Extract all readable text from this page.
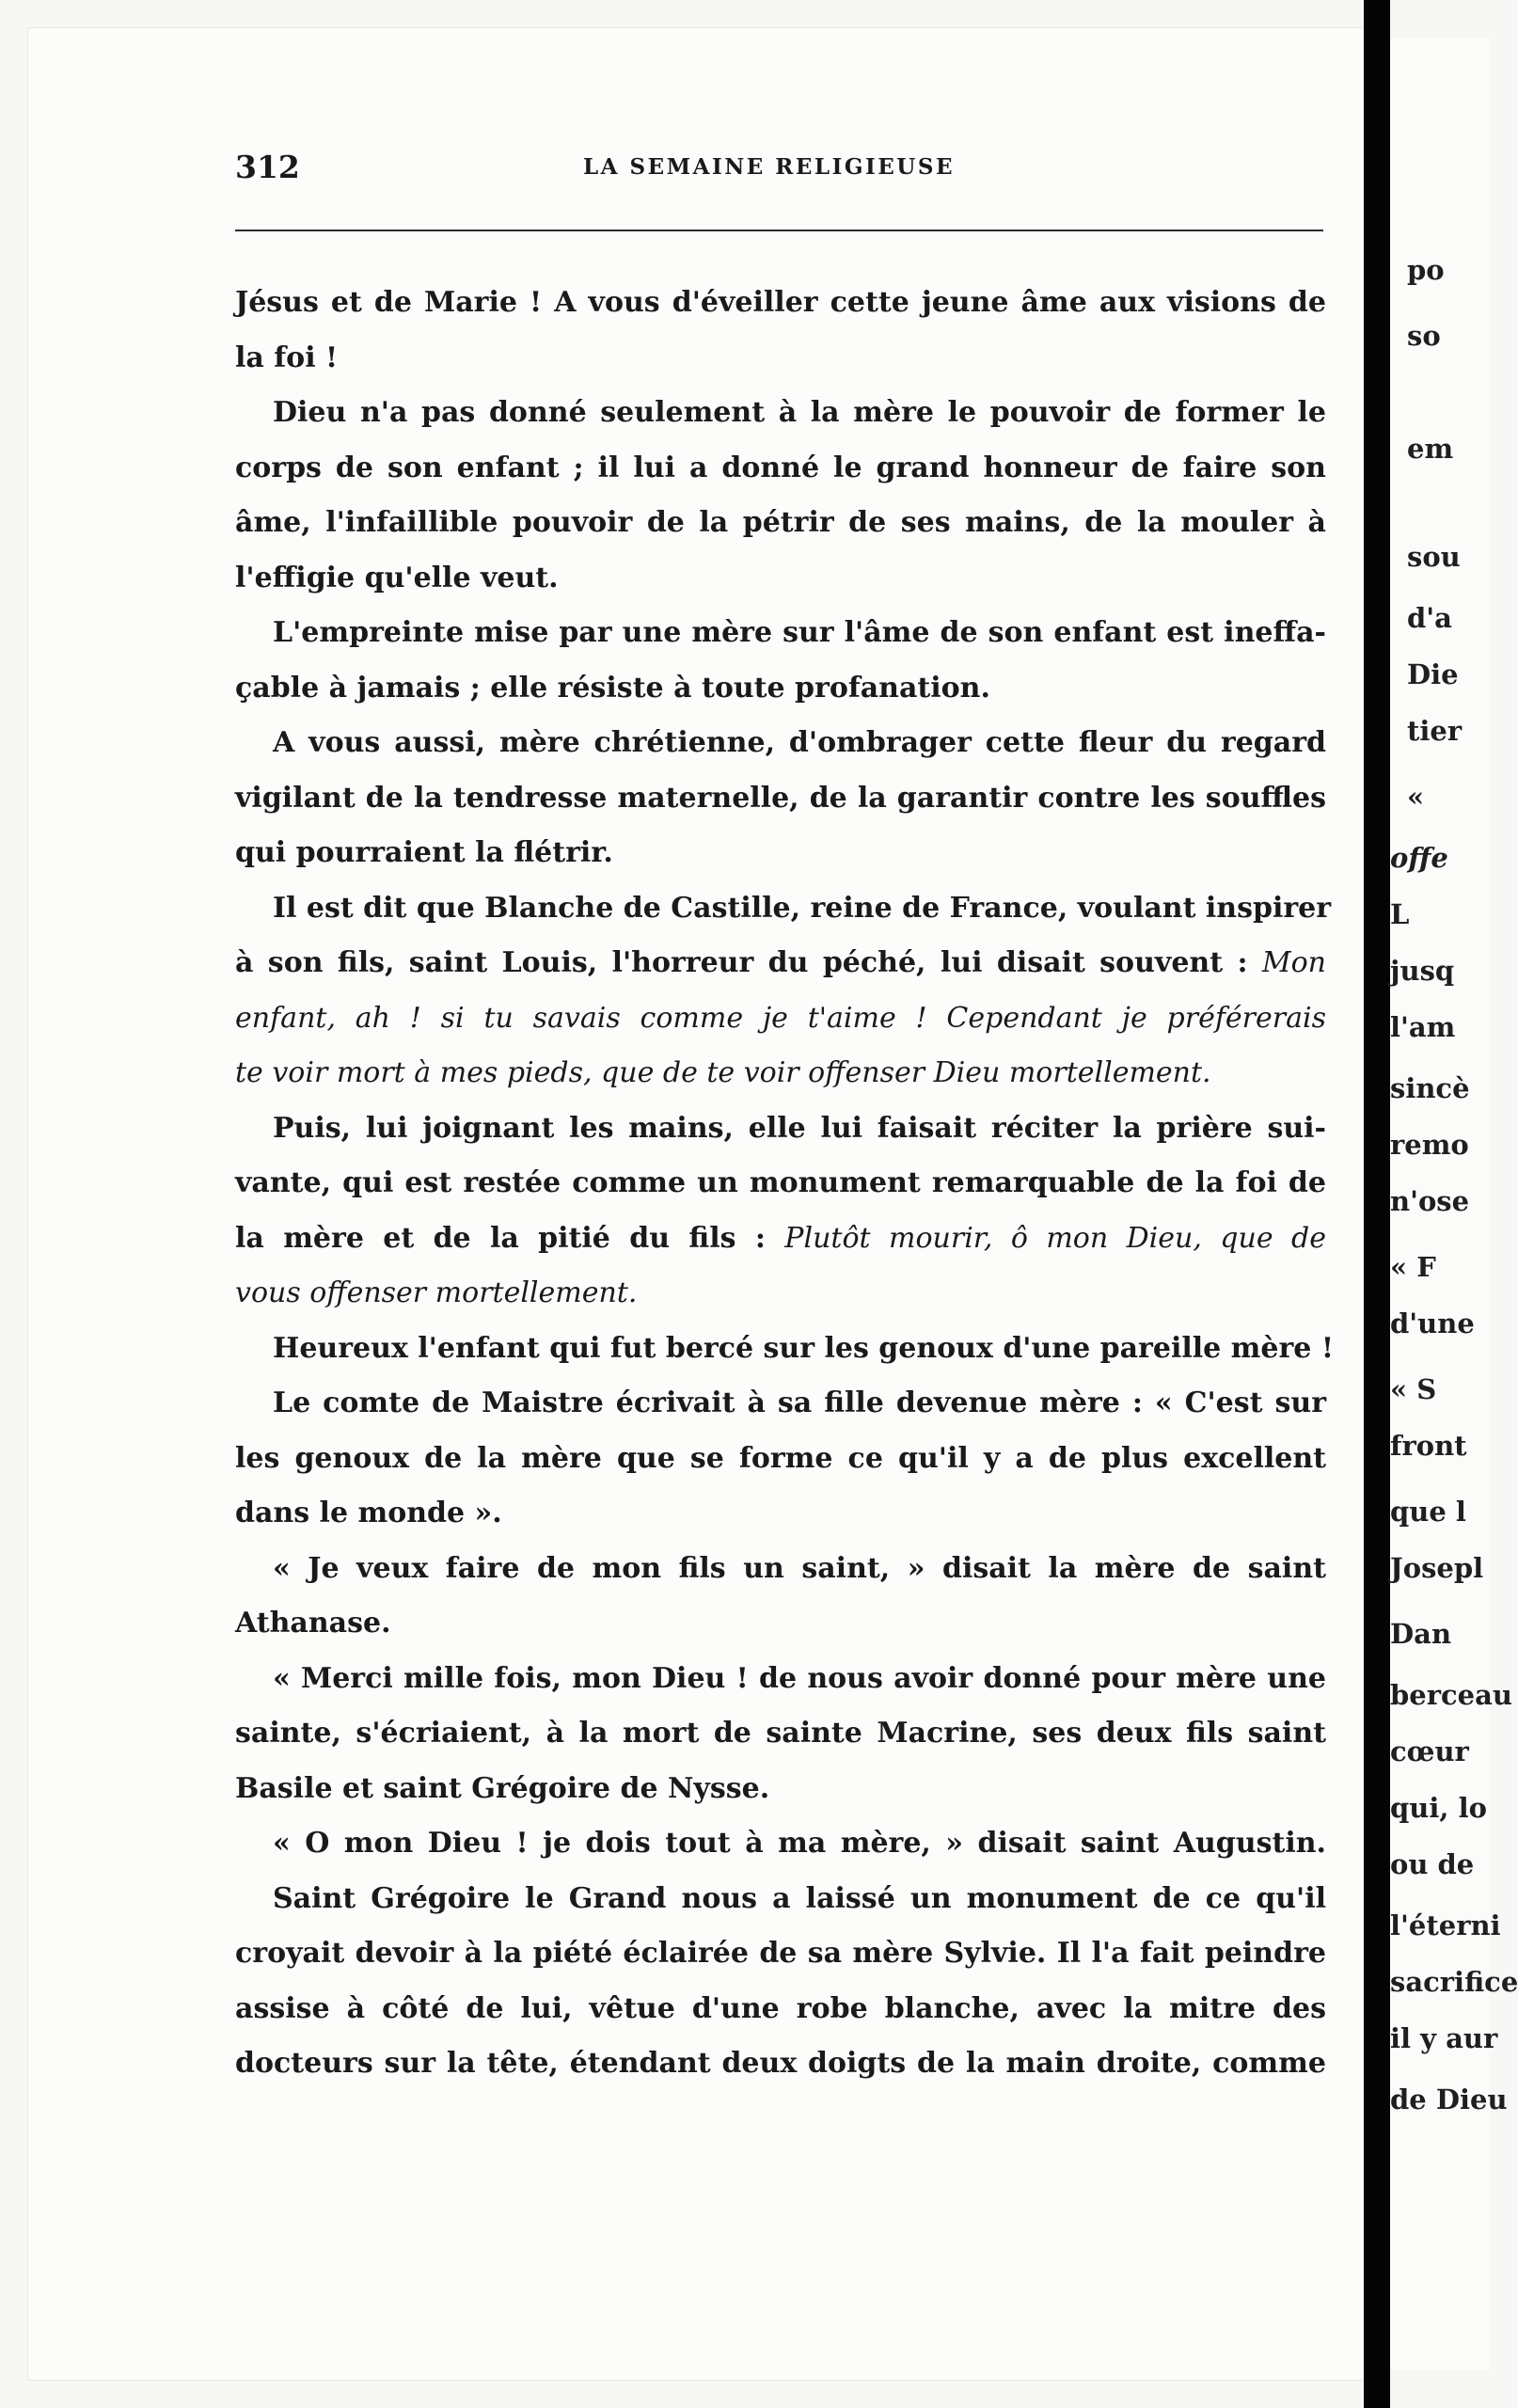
312	LA SEMAINE RELIGIEUSE
Jésus et de Marie ! A vous d'éveiller cette jeune âme aux visions de
la foi !
Dieu n'a pas donné seulement à la mère le pouvoir de former le
corps de son enfant ; il lui a donné le grand honneur de faire son
âme, l'infaillible pouvoir de la pétrir de ses mains, de la mouler à
l'effigie qu'elle veut.
L'empreinte mise par une mère sur l'âme de son enfant est ineffa-
çable à jamais ; elle résiste à toute profanation.
A vous aussi, mère chrétienne, d'ombrager cette fleur du regard
vigilant de la tendresse maternelle, de la garantir contre les souffles
qui pourraient la flétrir.
Il est dit que Blanche de Castille, reine de France, voulant inspirer
à son fils, saint Louis, l'horreur du péché, lui disait souvent : Mon
enfant, ah ! si tu savais comme je t'aime ! Cependant je préférerais
te voir mort à mes pieds, que de te voir offenser Dieu mortellement.
Puis, lui joignant les mains, elle lui faisait réciter la prière sui-
vante, qui est restée comme un monument remarquable de la foi de
la mère et de la pitié du fils : Plutôt mourir, ô mon Dieu, que de
vous offenser mortellement.
Heureux l'enfant qui fut bercé sur les genoux d'une pareille mère !
Le comte de Maistre écrivait à sa fille devenue mère : « C'est sur
les genoux de la mère que se forme ce qu'il y a de plus excellent
dans le monde ».
« Je veux faire de mon fils un saint, » disait la mère de saint
Athanase.
« Merci mille fois, mon Dieu ! de nous avoir donné pour mère une
sainte, s'écriaient, à la mort de sainte Macrine, ses deux fils saint
Basile et saint Grégoire de Nysse.
« O mon Dieu ! je dois tout à ma mère, » disait saint Augustin.
Saint Grégoire le Grand nous a laissé un monument de ce qu'il
croyait devoir à la piété éclairée de sa mère Sylvie. Il l'a fait peindre
assise à côté de lui, vêtue d'une robe blanche, avec la mitre des
docteurs sur la tête, étendant deux doigts de la main droite, comme
po
so
em
sou
d'a
Die
tier
«
offe
L
jusq
l'am
sincè
remo
n'ose
« F
d'une
« S
front
que l
Josepl
Dan
berceau
cœur
qui, lo
ou de
l'éterni
sacrifice
il y aur
de Dieu
